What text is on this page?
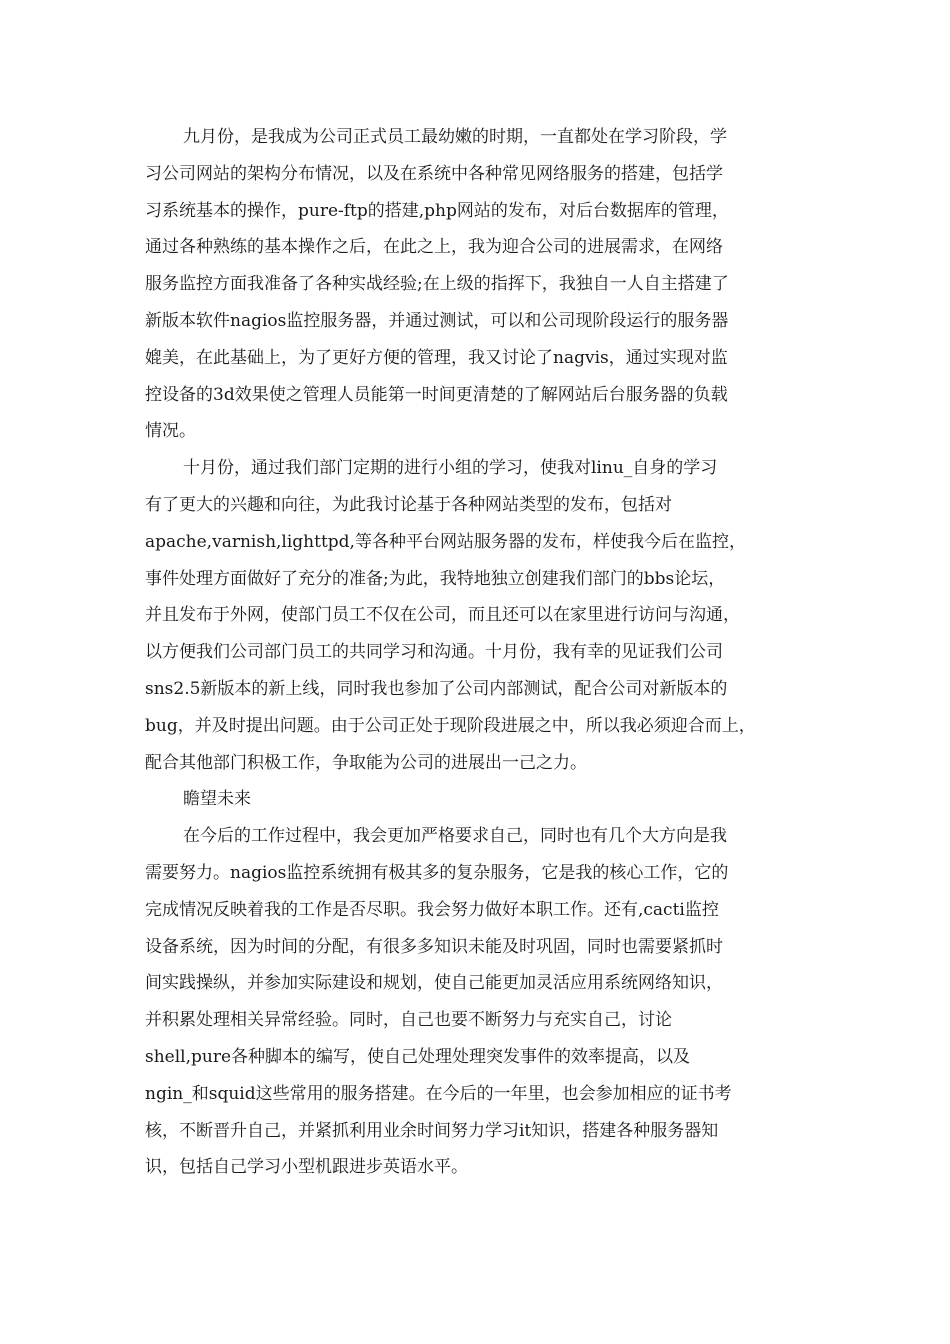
九月份，是我成为公司正式员工最幼嫩的时期，一直都处在学习阶段，学
习公司网站的架构分布情况，以及在系统中各种常见网络服务的搭建，包括学
习系统基本的操作，pure-ftp的搭建,php网站的发布，对后台数据库的管理，
通过各种熟练的基本操作之后，在此之上，我为迎合公司的进展需求，在网络
服务监控方面我准备了各种实战经验;在上级的指挥下，我独自一人自主搭建了
新版本软件nagios监控服务器，并通过测试，可以和公司现阶段运行的服务器
媲美，在此基础上，为了更好方便的管理，我又讨论了nagvis，通过实现对监
控设备的3d效果使之管理人员能第一时间更清楚的了解网站后台服务器的负载
情况。
十月份，通过我们部门定期的进行小组的学习，使我对linu_自身的学习
有了更大的兴趣和向往，为此我讨论基于各种网站类型的发布，包括对
apache,varnish,lighttpd,等各种平台网站服务器的发布，样使我今后在监控，
事件处理方面做好了充分的准备;为此，我特地独立创建我们部门的bbs论坛，
并且发布于外网，使部门员工不仅在公司，而且还可以在家里进行访问与沟通，
以方便我们公司部门员工的共同学习和沟通。十月份，我有幸的见证我们公司
sns2.5新版本的新上线，同时我也参加了公司内部测试，配合公司对新版本的
bug，并及时提出问题。由于公司正处于现阶段进展之中，所以我必须迎合而上，
配合其他部门积极工作，争取能为公司的进展出一己之力。
瞻望未来
在今后的工作过程中，我会更加严格要求自己，同时也有几个大方向是我
需要努力。nagios监控系统拥有极其多的复杂服务，它是我的核心工作，它的
完成情况反映着我的工作是否尽职。我会努力做好本职工作。还有,cacti监控
设备系统，因为时间的分配，有很多多知识未能及时巩固，同时也需要紧抓时
间实践操纵，并参加实际建设和规划，使自己能更加灵活应用系统网络知识，
并积累处理相关异常经验。同时，自己也要不断努力与充实自己，讨论
shell,pure各种脚本的编写，使自己处理处理突发事件的效率提高，以及
ngin_和squid这些常用的服务搭建。在今后的一年里，也会参加相应的证书考
核，不断晋升自己，并紧抓利用业余时间努力学习it知识，搭建各种服务器知
识，包括自己学习小型机跟进步英语水平。
